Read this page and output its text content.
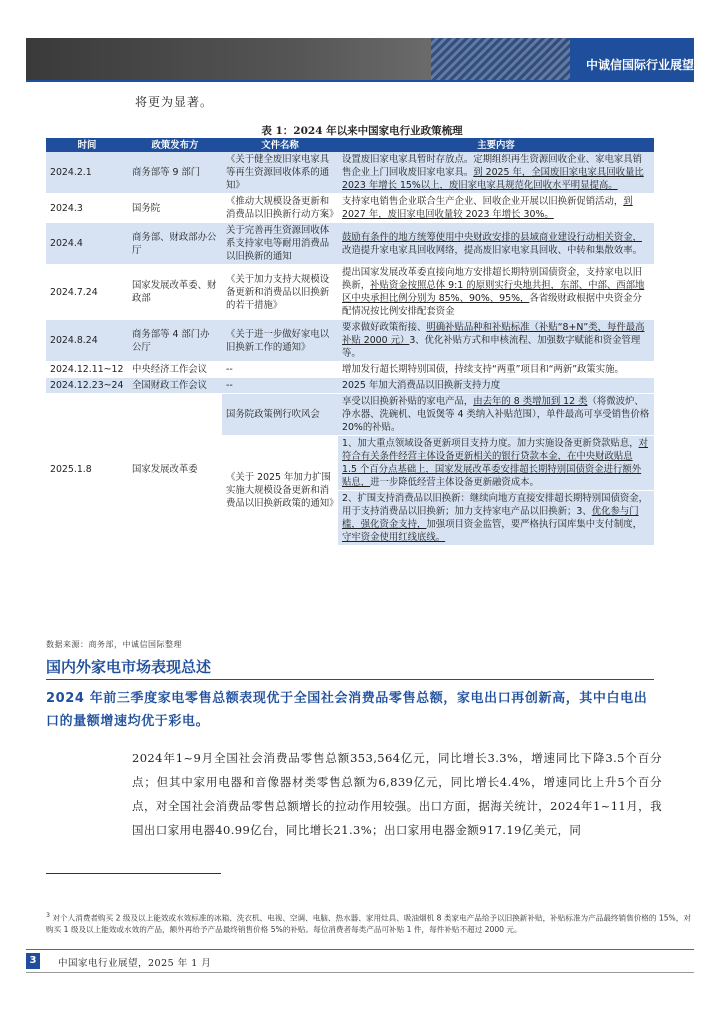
中诚信国际行业展望
将更为显著。
表 1：2024 年以来中国家电行业政策梳理
时间	政策发布方	文件名称	主要内容
2024.2.1	商务部等 9 部门	《关于健全废旧家电家具等再生资源回收体系的通知》	设置废旧家电家具暂时存放点。定期组织再生资源回收企业、家电家具销售企业上门回收废旧家电家具。到 2025 年，全国废旧家电家具回收量比 2023 年增长 15%以上，废旧家电家具规范化回收水平明显提高。
2024.3	国务院	《推动大规模设备更新和消费品以旧换新行动方案》	支持家电销售企业联合生产企业、回收企业开展以旧换新促销活动，到 2027 年，废旧家电回收量较 2023 年增长 30%。
2024.4	商务部、财政部办公厅	关于完善再生资源回收体系支持家电等耐用消费品以旧换新的通知	鼓励有条件的地方统筹使用中央财政安排的县域商业建设行动相关资金，改造提升家电家具回收网络，提高废旧家电家具回收、中转和集散效率。
2024.7.24	国家发展改革委、财政部	《关于加力支持大规模设备更新和消费品以旧换新的若干措施》	提出国家发展改革委直接向地方安排超长期特别国债资金，支持家电以旧换新，补贴资金按照总体 9:1 的原则实行央地共担，东部、中部、西部地区中央承担比例分别为 85%、90%、95%，各省级财政根据中央资金分配情况按比例安排配套资金
2024.8.24	商务部等 4 部门办公厅	《关于进一步做好家电以旧换新工作的通知》	要求做好政策衔接、明确补贴品种和补贴标准（补贴“8+N”类，每件最高补贴 2000 元）3、优化补贴方式和申核流程、加强数字赋能和资金管理等。
2024.12.11~12	中央经济工作会议	--	增加发行超长期特别国债，持续支持“两重”项目和“两新”政策实施。
2024.12.23~24	全国财政工作会议	--	2025 年加大消费品以旧换新支持力度
2025.1.8	国家发展改革委	国务院政策例行吹风会	享受以旧换新补贴的家电产品，由去年的 8 类增加到 12 类（将微波炉、净水器、洗碗机、电饭煲等 4 类纳入补贴范围），单件最高可享受销售价格 20%的补贴。
		《关于 2025 年加力扩围实施大规模设备更新和消费品以旧换新政策的通知》	1、加大重点领域设备更新项目支持力度。加力实施设备更新贷款贴息，对符合有关条件经营主体设备更新相关的银行贷款本金，在中央财政贴息 1.5 个百分点基础上，国家发展改革委安排超长期特别国债资金进行额外贴息，进一步降低经营主体设备更新融资成本。
			2、扩围支持消费品以旧换新：继续向地方直接安排超长期特别国债资金，用于支持消费品以旧换新；加力支持家电产品以旧换新；3、优化参与门槛，强化资金支持，加强项目资金监管，要严格执行国库集中支付制度，守牢资金使用红线底线。
数据来源：商务部，中诚信国际整理
国内外家电市场表现总述
2024 年前三季度家电零售总额表现优于全国社会消费品零售总额，家电出口再创新高，其中白电出口的量额增速均优于彩电。

2024年1~9月全国社会消费品零售总额353,564亿元，同比增长3.3%，增速同比下降3.5个百分点；但其中家用电器和音像器材类零售总额为6,839亿元，同比增长4.4%，增速同比上升5个百分点，对全国社会消费品零售总额增长的拉动作用较强。出口方面，据海关统计，2024年1~11月，我国出口家用电器40.99亿台，同比增长21.3%；出口家用电器金额917.19亿美元，同

$^3$ 对个人消费者购买 2 级及以上能效或水效标准的冰箱、洗衣机、电视、空调、电脑、热水器、家用灶具、吸油烟机 8 类家电产品给予以旧换新补贴，补贴标准为产品最终销售价格的 15%，对购买 1 级及以上能效或水效的产品，额外再给予产品最终销售价格 5%的补贴。每位消费者每类产品可补贴 1 件，每件补贴不超过 2000 元。
3	中国家电行业展望，2025 年 1 月
